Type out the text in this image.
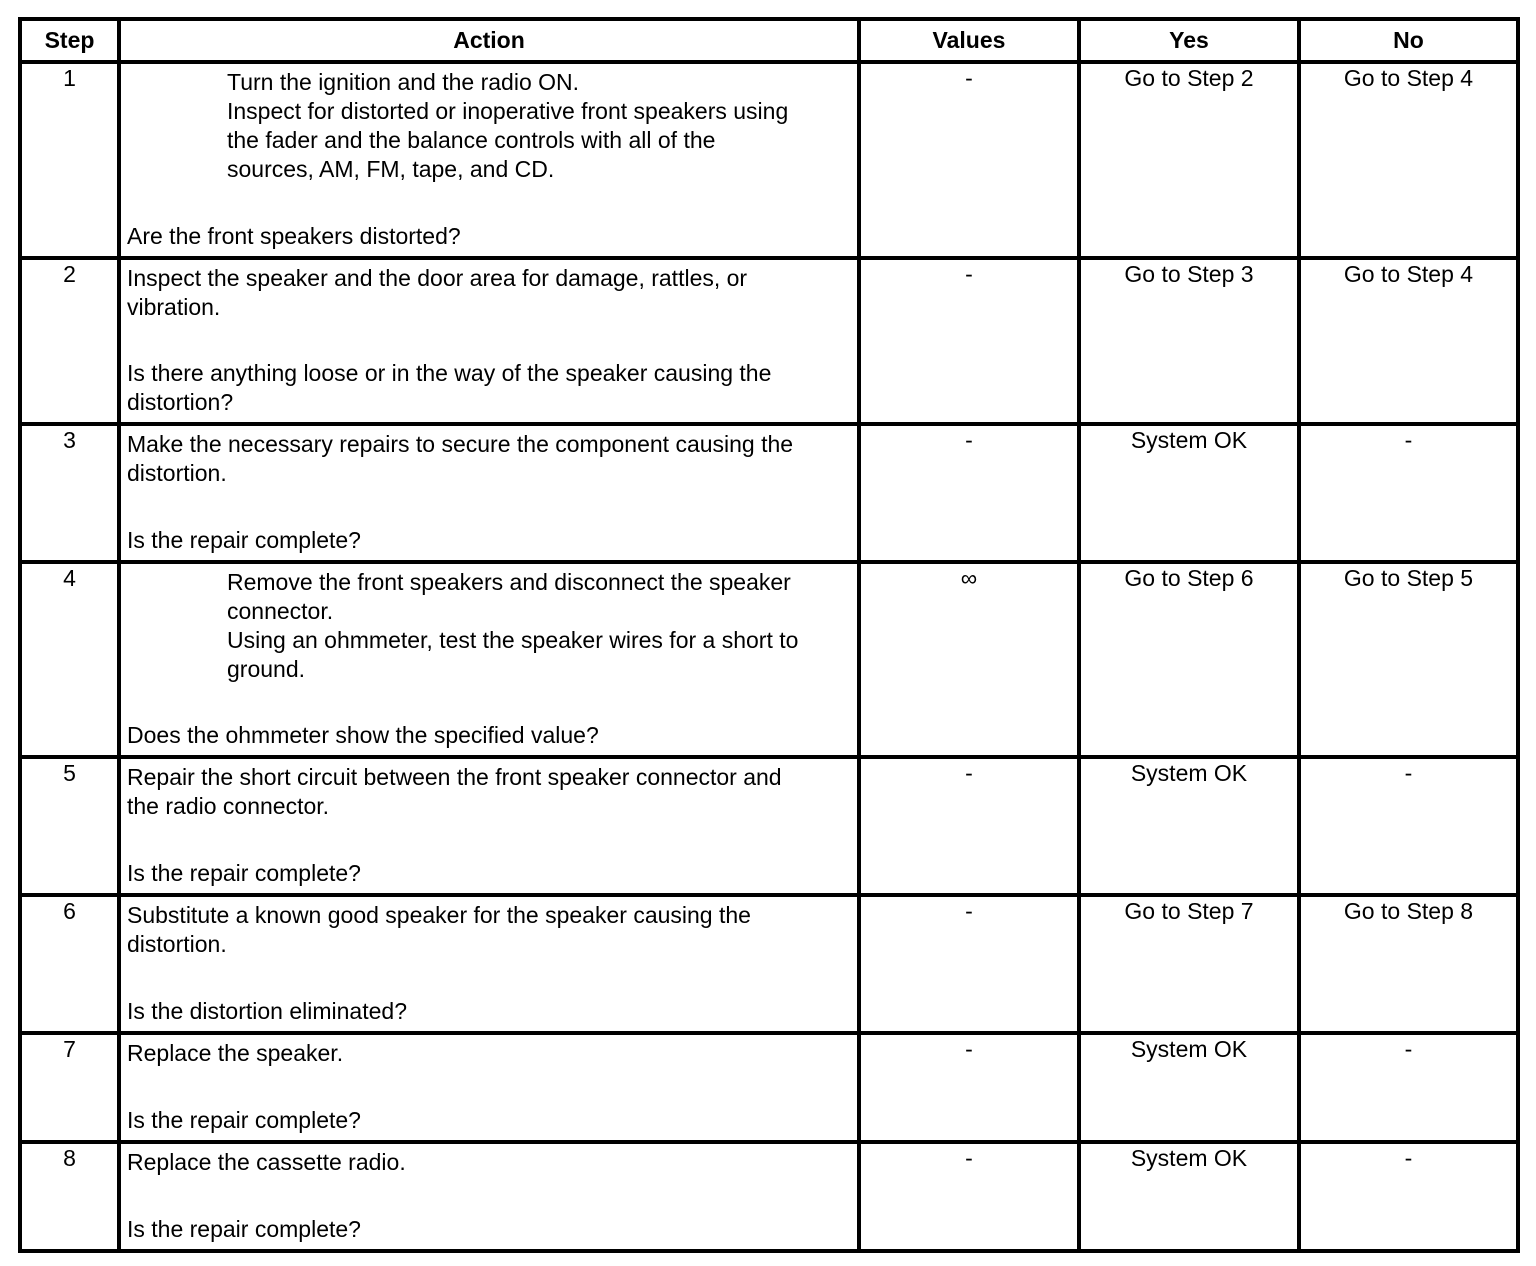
Step	Action	Values	Yes	No
1	Turn the ignition and the radio ON.
Inspect for distorted or inoperative front speakers using
the fader and the balance controls with all of the
sources, AM, FM, tape, and CD.
Are the front speakers distorted?	-	Go to Step 2	Go to Step 4

2	Inspect the speaker and the door area for damage, rattles, or
vibration.
Is there anything loose or in the way of the speaker causing the
distortion?	-	Go to Step 3	Go to Step 4

3	Make the necessary repairs to secure the component causing the
distortion.
Is the repair complete?	-	System OK	-

4	Remove the front speakers and disconnect the speaker
connector.
Using an ohmmeter, test the speaker wires for a short to
ground.
Does the ohmmeter show the specified value?	∞	Go to Step 6	Go to Step 5

5	Repair the short circuit between the front speaker connector and
the radio connector.
Is the repair complete?	-	System OK	-

6	Substitute a known good speaker for the speaker causing the
distortion.
Is the distortion eliminated?	-	Go to Step 7	Go to Step 8

7	Replace the speaker.
Is the repair complete?	-	System OK	-

8	Replace the cassette radio.
Is the repair complete?	-	System OK	-
